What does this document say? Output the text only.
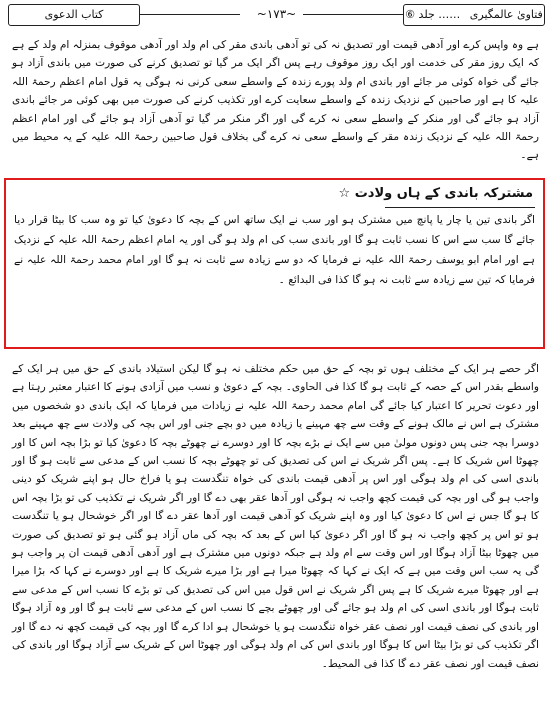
فتاویٰ عالمگیری …… جلد ⑥
~۱۷۳~
کتاب الدعوی

ہے وہ واپس کرے اور آدھی قیمت اور تصدیق نہ کی تو آدھی باندی مقر کی ام ولد اور آدھی موقوف بمنزلہ ام ولد کے ہے کہ ایک روز مقر کی خدمت اور ایک روز موقوف رہے پس اگر ایک مر گیا تو تصدیق کرنے کی صورت میں باندی آزاد ہو جائے گی خواہ کوئی مر جائے اور باندی ام ولد پورے زندہ کے واسطے سعی کرنی نہ ہوگی یہ قول امام اعظم رحمۃ اللہ علیہ کا ہے اور صاحبین کے نزدیک زندہ کے واسطے سعایت کرے اور تکذیب کرنے کی صورت میں بھی کوئی مر جائے باندی آزاد ہو جائے گی اور منکر کے واسطے سعی نہ کرے گی اور اگر منکر مر گیا تو آدھی آزاد ہو جائے گی اور امام اعظم رحمۃ اللہ علیہ کے نزدیک زندہ مقر کے واسطے سعی نہ کرے گی بخلاف قول صاحبین رحمۃ اللہ علیہ کے یہ محیط میں ہے۔

مشترکہ باندی کے ہاں ولادت ☆
اگر باندی تین یا چار یا پانچ میں مشترک ہو اور سب نے ایک ساتھ اس کے بچہ کا دعویٰ کیا تو وہ سب کا بیٹا قرار دیا جائے گا سب سے اس کا نسب ثابت ہو گا اور باندی سب کی ام ولد ہو گی اور یہ امام اعظم رحمۃ اللہ علیہ کے نزدیک ہے اور امام ابو یوسف رحمۃ اللہ علیہ نے فرمایا کہ دو سے زیادہ سے ثابت نہ ہو گا اور امام محمد رحمۃ اللہ علیہ نے فرمایا کہ تین سے زیادہ سے ثابت نہ ہو گا کذا فی البدائع ۔

اگر حصے ہر ایک کے مختلف ہوں تو بچہ کے حق میں حکم مختلف نہ ہو گا لیکن استیلاد باندی کے حق میں ہر ایک کے واسطے بقدر اس کے حصہ کے ثابت ہو گا کذا فی الحاوی۔ بچہ کے دعویٰ و نسب میں آزادی ہونے کا اعتبار معتبر رہتا ہے اور دعوت تحریر کا اعتبار کیا جائے گی امام محمد رحمۃ اللہ علیہ نے زیادات میں فرمایا کہ ایک باندی دو شخصوں میں مشترک ہے اس نے مالک ہونے کے وقت سے چھ مہینے یا زیادہ میں دو بچے جنی اور اس بچہ کی ولادت سے چھ مہینے بعد دوسرا بچہ جنی پس دونوں مولیٰ میں سے ایک نے بڑے بچہ کا اور دوسرے نے چھوٹے بچہ کا دعویٰ کیا تو بڑا بچہ اس کا اور چھوٹا اس شریک کا ہے۔ پس اگر شریک نے اس کی تصدیق کی تو چھوٹے بچہ کا نسب اس کے مدعی سے ثابت ہو گا اور باندی اسی کی ام ولد ہوگی اور اس پر آدھی قیمت باندی کی خواہ تنگدست ہو یا فراخ حال ہو اپنے شریک کو دینی واجب ہو گی اور بچہ کی قیمت کچھ واجب نہ ہوگی اور آدھا عقر بھی دے گا اور اگر شریک نے تکذیب کی تو بڑا بچہ اس کا ہو گا جس نے اس کا دعویٰ کیا اور وہ اپنے شریک کو آدھی قیمت اور آدھا عقر دے گا اور اگر خوشحال ہو یا تنگدست ہو تو اس پر کچھ واجب نہ ہو گا اور اگر دعویٰ کیا اس کے بعد کہ بچہ کی ماں آزاد ہو گئی ہو تو تصدیق کی صورت میں چھوٹا بیٹا آزاد ہوگا اور اس وقت سے ام ولد ہے جبکہ دونوں میں مشترک ہے اور آدھی آدھی قیمت ان پر واجب ہو گی یہ سب اس وقت میں ہے کہ ایک نے کہا کہ چھوٹا میرا ہے اور بڑا میرے شریک کا ہے اور دوسرے نے کہا کہ بڑا میرا ہے اور چھوٹا میرے شریک کا ہے پس اگر شریک نے اس قول میں اس کی تصدیق کی تو بڑے کا نسب اس کے مدعی سے ثابت ہوگا اور باندی اسی کی ام ولد ہو جائے گی اور چھوٹے بچے کا نسب اس کے مدعی سے ثابت ہو گا اور وہ آزاد ہوگا اور باندی کی نصف قیمت اور نصف عقر خواہ تنگدست ہو یا خوشحال ہو ادا کرے گا اور بچہ کی قیمت کچھ نہ دے گا اور اگر تکذیب کی تو بڑا بیٹا اس کا ہوگا اور باندی اس کی ام ولد ہوگی اور چھوٹا اس کے شریک سے آزاد ہوگا اور باندی کی نصف قیمت اور نصف عقر دے گا کذا فی المحیط۔
